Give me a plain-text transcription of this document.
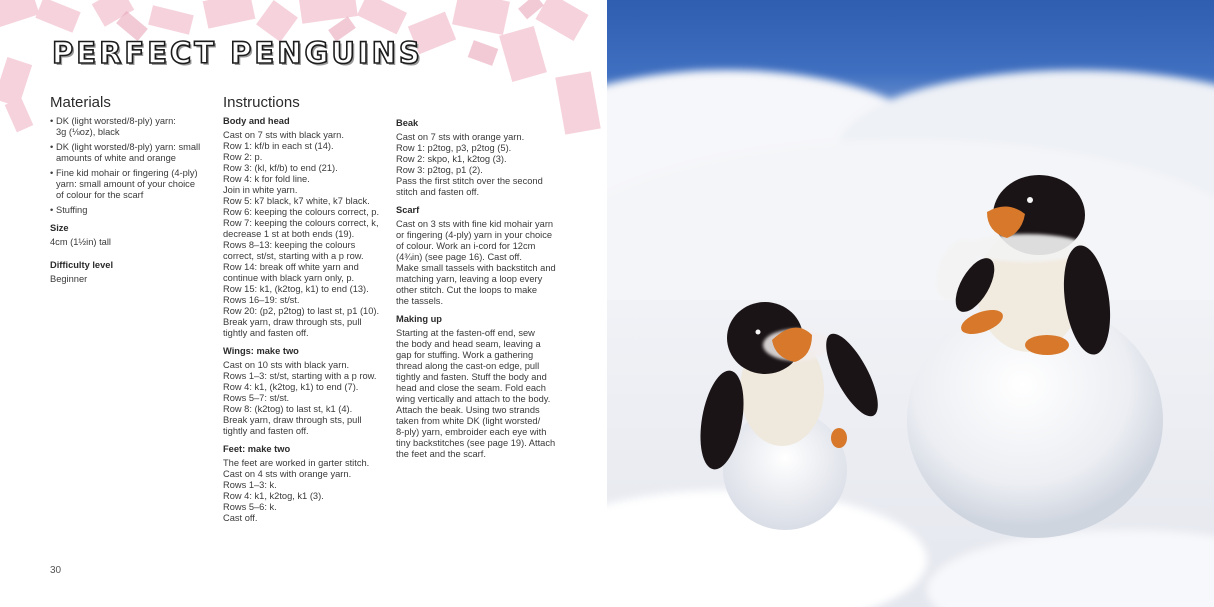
PERFECT PENGUINS
Materials
• DK (light worsted/8-ply) yarn:
3g (⅛oz), black
• DK (light worsted/8-ply) yarn: small
amounts of white and orange
• Fine kid mohair or fingering (4-ply)
yarn: small amount of your choice
of colour for the scarf
• Stuffing
Size
4cm (1½in) tall
Difficulty level
Beginner
Instructions
Body and head
Cast on 7 sts with black yarn.
Row 1: kf/b in each st (14).
Row 2: p.
Row 3: (kl, kf/b) to end (21).
Row 4: k for fold line.
Join in white yarn.
Row 5: k7 black, k7 white, k7 black.
Row 6: keeping the colours correct, p.
Row 7: keeping the colours correct, k,
decrease 1 st at both ends (19).
Rows 8–13: keeping the colours
correct, st/st, starting with a p row.
Row 14: break off white yarn and
continue with black yarn only, p.
Row 15: k1, (k2tog, k1) to end (13).
Rows 16–19: st/st.
Row 20: (p2, p2tog) to last st, p1 (10).
Break yarn, draw through sts, pull
tightly and fasten off.
Wings: make two
Cast on 10 sts with black yarn.
Rows 1–3: st/st, starting with a p row.
Row 4: k1, (k2tog, k1) to end (7).
Rows 5–7: st/st.
Row 8: (k2tog) to last st, k1 (4).
Break yarn, draw through sts, pull
tightly and fasten off.
Feet: make two
The feet are worked in garter stitch.
Cast on 4 sts with orange yarn.
Rows 1–3: k.
Row 4: k1, k2tog, k1 (3).
Rows 5–6: k.
Cast off.
Beak
Cast on 7 sts with orange yarn.
Row 1: p2tog, p3, p2tog (5).
Row 2: skpo, k1, k2tog (3).
Row 3: p2tog, p1 (2).
Pass the first stitch over the second
stitch and fasten off.
Scarf
Cast on 3 sts with fine kid mohair yarn
or fingering (4-ply) yarn in your choice
of colour. Work an i-cord for 12cm
(4¾in) (see page 16). Cast off.
Make small tassels with backstitch and
matching yarn, leaving a loop every
other stitch. Cut the loops to make
the tassels.
Making up
Starting at the fasten-off end, sew
the body and head seam, leaving a
gap for stuffing. Work a gathering
thread along the cast-on edge, pull
tightly and fasten. Stuff the body and
head and close the seam. Fold each
wing vertically and attach to the body.
Attach the beak. Using two strands
taken from white DK (light worsted/
8-ply) yarn, embroider each eye with
tiny backstitches (see page 19). Attach
the feet and the scarf.
30
